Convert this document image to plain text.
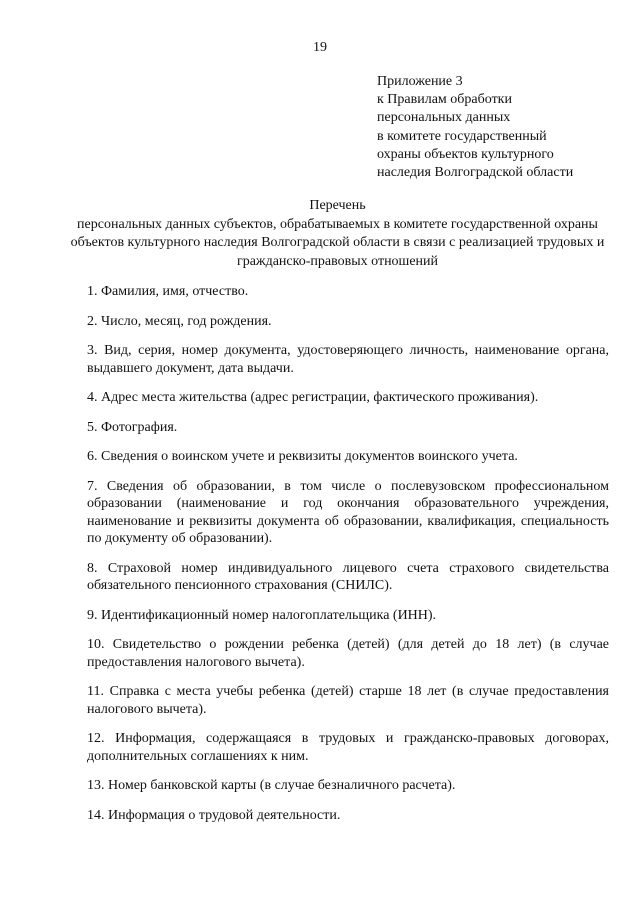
19
Приложение 3
к Правилам обработки
персональных данных
в комитете государственный
охраны объектов культурного
наследия Волгоградской области
Перечень
персональных данных субъектов, обрабатываемых в комитете государственной охраны объектов культурного наследия Волгоградской области в связи с реализацией трудовых и гражданско-правовых отношений
1. Фамилия, имя, отчество.
2. Число, месяц, год рождения.
3. Вид, серия, номер документа, удостоверяющего личность, наименование органа, выдавшего документ, дата выдачи.
4. Адрес места жительства (адрес регистрации, фактического проживания).
5. Фотография.
6. Сведения о воинском учете и реквизиты документов воинского учета.
7. Сведения об образовании, в том числе о послевузовском профессиональном образовании (наименование и год окончания образовательного учреждения, наименование и реквизиты документа об образовании, квалификация, специальность по документу об образовании).
8. Страховой номер индивидуального лицевого счета страхового свидетельства обязательного пенсионного страхования (СНИЛС).
9. Идентификационный номер налогоплательщика (ИНН).
10. Свидетельство о рождении ребенка (детей) (для детей до 18 лет) (в случае предоставления налогового вычета).
11. Справка с места учебы ребенка (детей) старше 18 лет (в случае предоставления налогового вычета).
12. Информация, содержащаяся в трудовых и гражданско-правовых договорах, дополнительных соглашениях к ним.
13. Номер банковской карты (в случае безналичного расчета).
14. Информация о трудовой деятельности.
